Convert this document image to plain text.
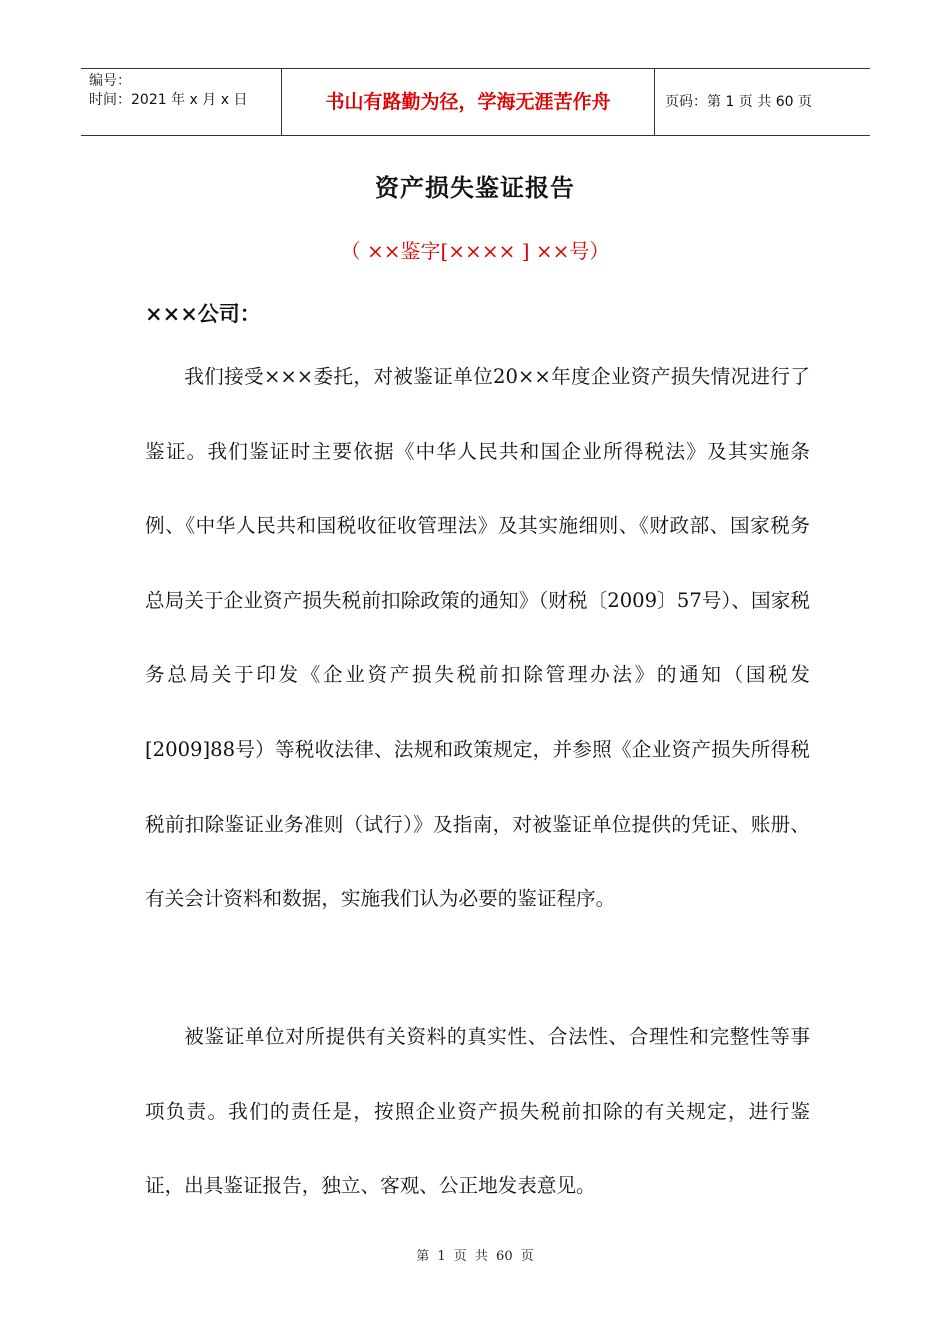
编号：
时间：2021 年 x 月 x 日	书山有路勤为径，学海无涯苦作舟	页码：第 1 页 共 60 页
资产损失鉴证报告
（ ××鉴字[×××× ] ××号）
×××公司：

我们接受×××委托，对被鉴证单位20××年度企业资产损失情况进行了鉴证。我们鉴证时主要依据《中华人民共和国企业所得税法》及其实施条例、《中华人民共和国税收征收管理法》及其实施细则、《财政部、国家税务总局关于企业资产损失税前扣除政策的通知》（财税〔2009〕57号）、国家税务总局关于印发《企业资产损失税前扣除管理办法》的通知（国税发[2009]88号）等税收法律、法规和政策规定，并参照《企业资产损失所得税税前扣除鉴证业务准则（试行）》及指南，对被鉴证单位提供的凭证、账册、有关会计资料和数据，实施我们认为必要的鉴证程序。

被鉴证单位对所提供有关资料的真实性、合法性、合理性和完整性等事项负责。我们的责任是，按照企业资产损失税前扣除的有关规定，进行鉴证，出具鉴证报告，独立、客观、公正地发表意见。

第 1 页 共 60 页
